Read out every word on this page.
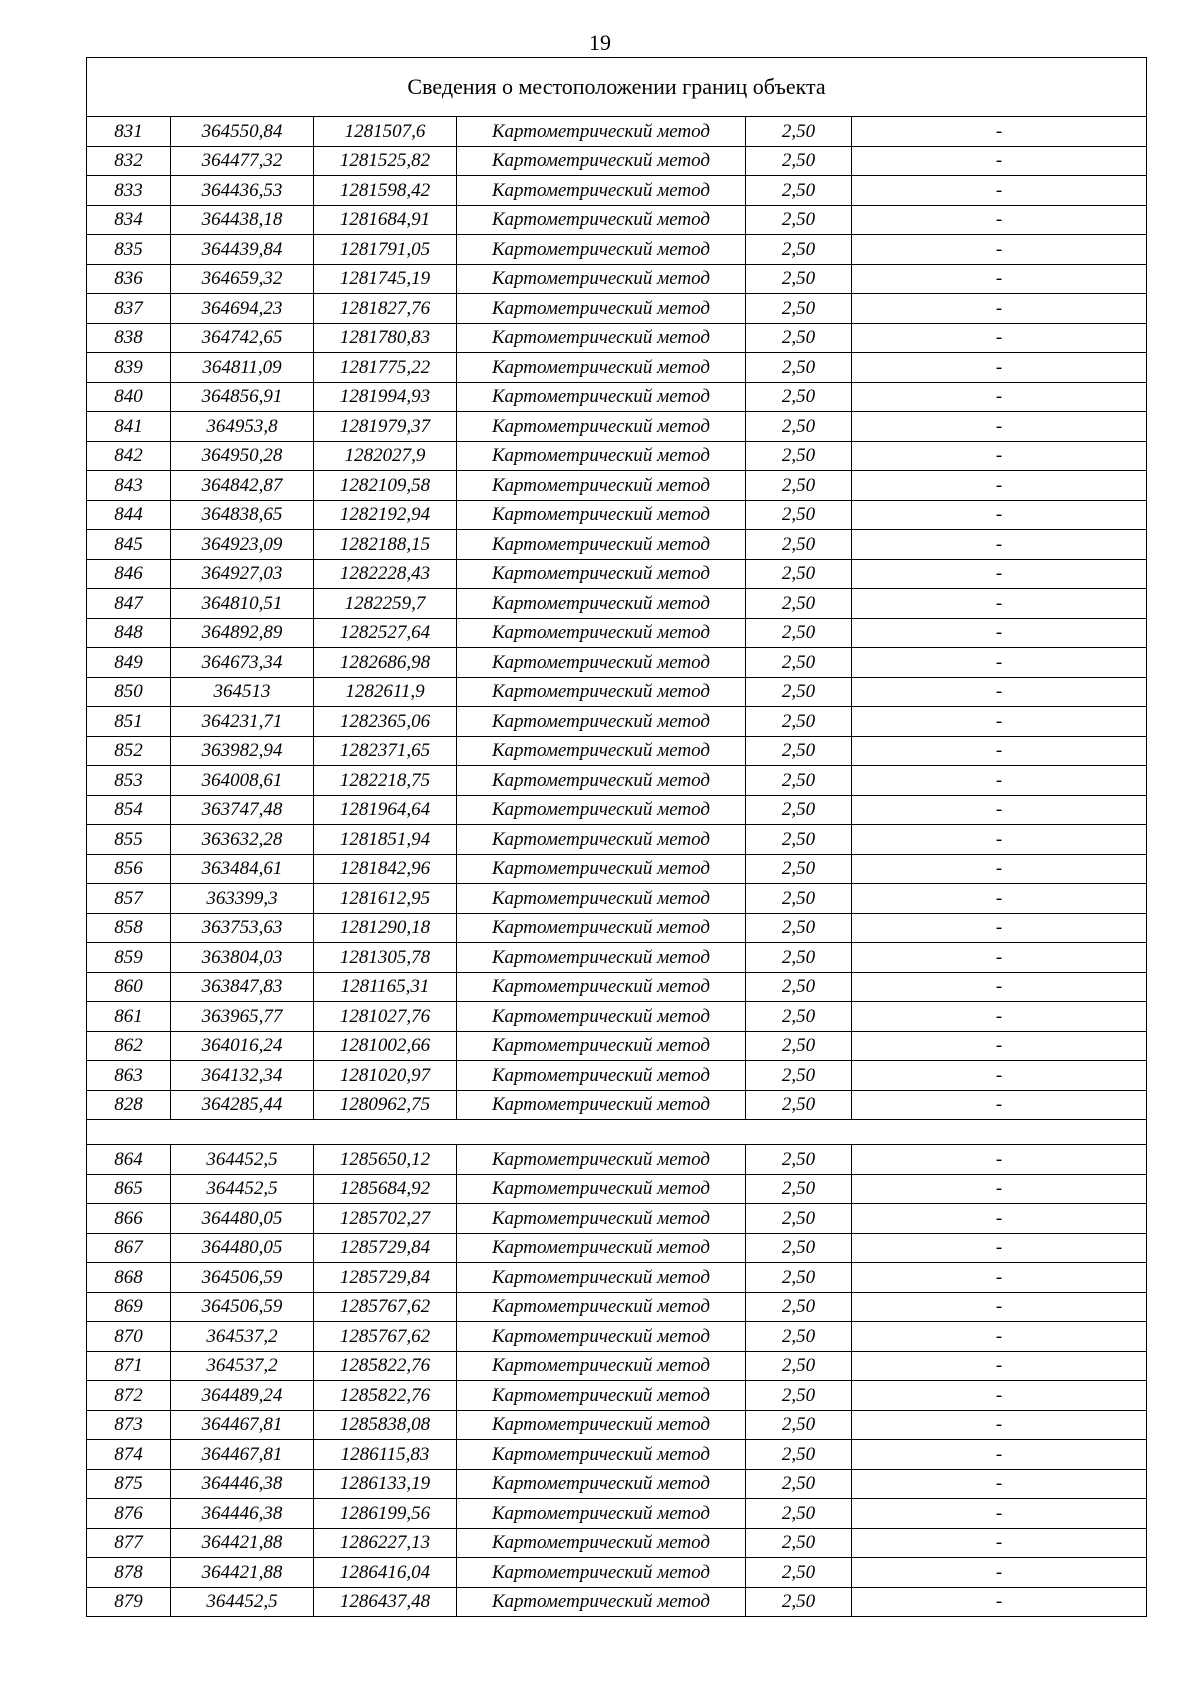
19
Сведения о местоположении границ объекта					
831	364550,84	1281507,6	Картометрический метод	2,50	-
832	364477,32	1281525,82	Картометрический метод	2,50	-
833	364436,53	1281598,42	Картометрический метод	2,50	-
834	364438,18	1281684,91	Картометрический метод	2,50	-
835	364439,84	1281791,05	Картометрический метод	2,50	-
836	364659,32	1281745,19	Картометрический метод	2,50	-
837	364694,23	1281827,76	Картометрический метод	2,50	-
838	364742,65	1281780,83	Картометрический метод	2,50	-
839	364811,09	1281775,22	Картометрический метод	2,50	-
840	364856,91	1281994,93	Картометрический метод	2,50	-
841	364953,8	1281979,37	Картометрический метод	2,50	-
842	364950,28	1282027,9	Картометрический метод	2,50	-
843	364842,87	1282109,58	Картометрический метод	2,50	-
844	364838,65	1282192,94	Картометрический метод	2,50	-
845	364923,09	1282188,15	Картометрический метод	2,50	-
846	364927,03	1282228,43	Картометрический метод	2,50	-
847	364810,51	1282259,7	Картометрический метод	2,50	-
848	364892,89	1282527,64	Картометрический метод	2,50	-
849	364673,34	1282686,98	Картометрический метод	2,50	-
850	364513	1282611,9	Картометрический метод	2,50	-
851	364231,71	1282365,06	Картометрический метод	2,50	-
852	363982,94	1282371,65	Картометрический метод	2,50	-
853	364008,61	1282218,75	Картометрический метод	2,50	-
854	363747,48	1281964,64	Картометрический метод	2,50	-
855	363632,28	1281851,94	Картометрический метод	2,50	-
856	363484,61	1281842,96	Картометрический метод	2,50	-
857	363399,3	1281612,95	Картометрический метод	2,50	-
858	363753,63	1281290,18	Картометрический метод	2,50	-
859	363804,03	1281305,78	Картометрический метод	2,50	-
860	363847,83	1281165,31	Картометрический метод	2,50	-
861	363965,77	1281027,76	Картометрический метод	2,50	-
862	364016,24	1281002,66	Картометрический метод	2,50	-
863	364132,34	1281020,97	Картометрический метод	2,50	-
828	364285,44	1280962,75	Картометрический метод	2,50	-

864	364452,5	1285650,12	Картометрический метод	2,50	-
865	364452,5	1285684,92	Картометрический метод	2,50	-
866	364480,05	1285702,27	Картометрический метод	2,50	-
867	364480,05	1285729,84	Картометрический метод	2,50	-
868	364506,59	1285729,84	Картометрический метод	2,50	-
869	364506,59	1285767,62	Картометрический метод	2,50	-
870	364537,2	1285767,62	Картометрический метод	2,50	-
871	364537,2	1285822,76	Картометрический метод	2,50	-
872	364489,24	1285822,76	Картометрический метод	2,50	-
873	364467,81	1285838,08	Картометрический метод	2,50	-
874	364467,81	1286115,83	Картометрический метод	2,50	-
875	364446,38	1286133,19	Картометрический метод	2,50	-
876	364446,38	1286199,56	Картометрический метод	2,50	-
877	364421,88	1286227,13	Картометрический метод	2,50	-
878	364421,88	1286416,04	Картометрический метод	2,50	-
879	364452,5	1286437,48	Картометрический метод	2,50	-
